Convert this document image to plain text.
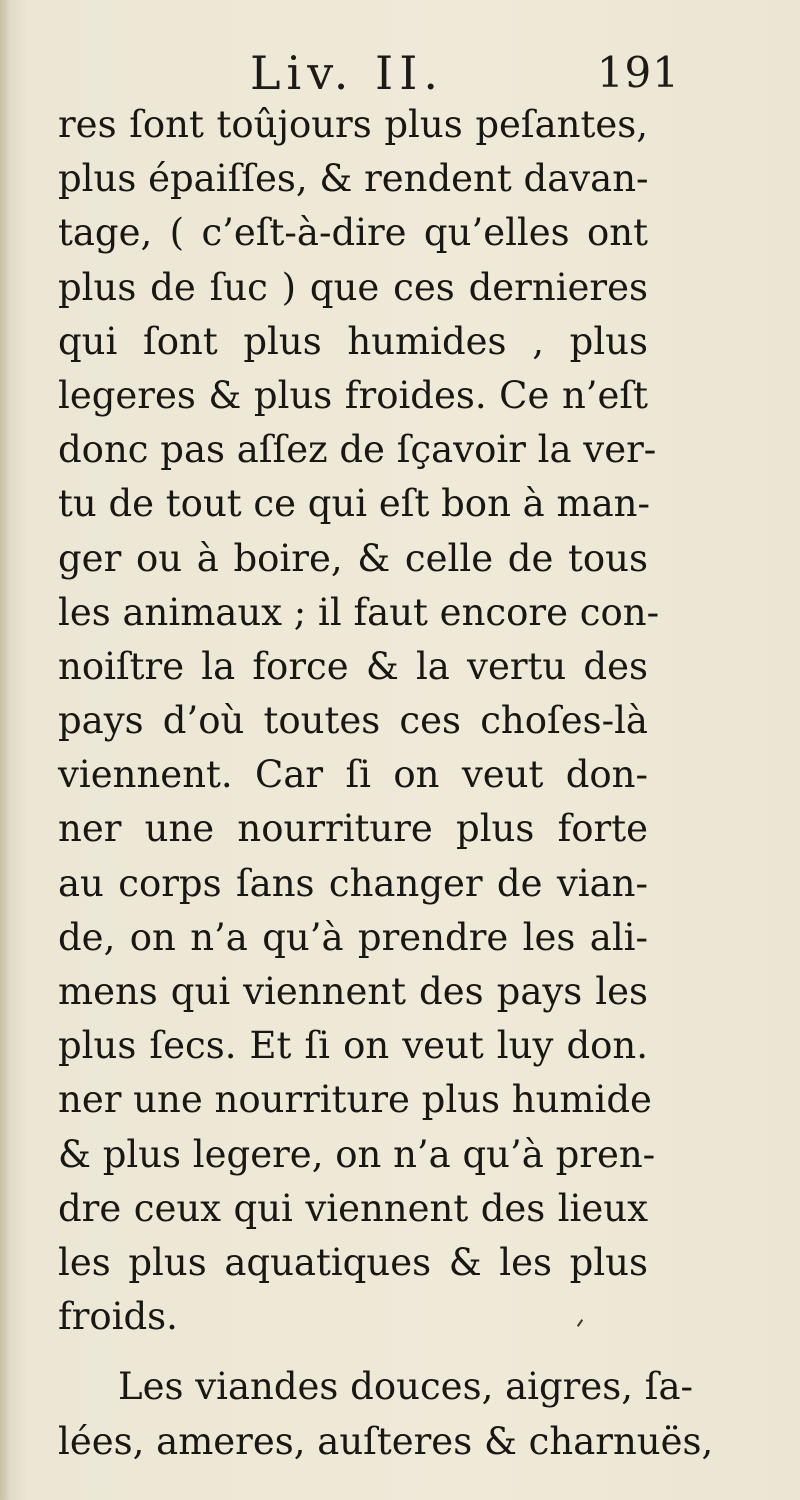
Liv. II.	191
res ſont toûjours plus peſantes,
plus épaiſſes, & rendent davan-
tage, ( c’eſt-à-dire qu’elles ont
plus de ſuc ) que ces dernieres
qui ſont plus humides , plus
legeres & plus froides. Ce n’eſt
donc pas aſſez de ſçavoir la ver-
tu de tout ce qui eſt bon à man-
ger ou à boire, & celle de tous
les animaux ; il faut encore con-
noiſtre la force & la vertu des
pays d’où toutes ces choſes-là
viennent. Car ſi on veut don-
ner une nourriture plus forte
au corps ſans changer de vian-
de, on n’a qu’à prendre les ali-
mens qui viennent des pays les
plus ſecs. Et ſi on veut luy don.
ner une nourriture plus humide
& plus legere, on n’a qu’à pren-
dre ceux qui viennent des lieux
les plus aquatiques & les plus
froids.
Les viandes douces, aigres, ſa-
lées, ameres, auſteres & charnuës,
